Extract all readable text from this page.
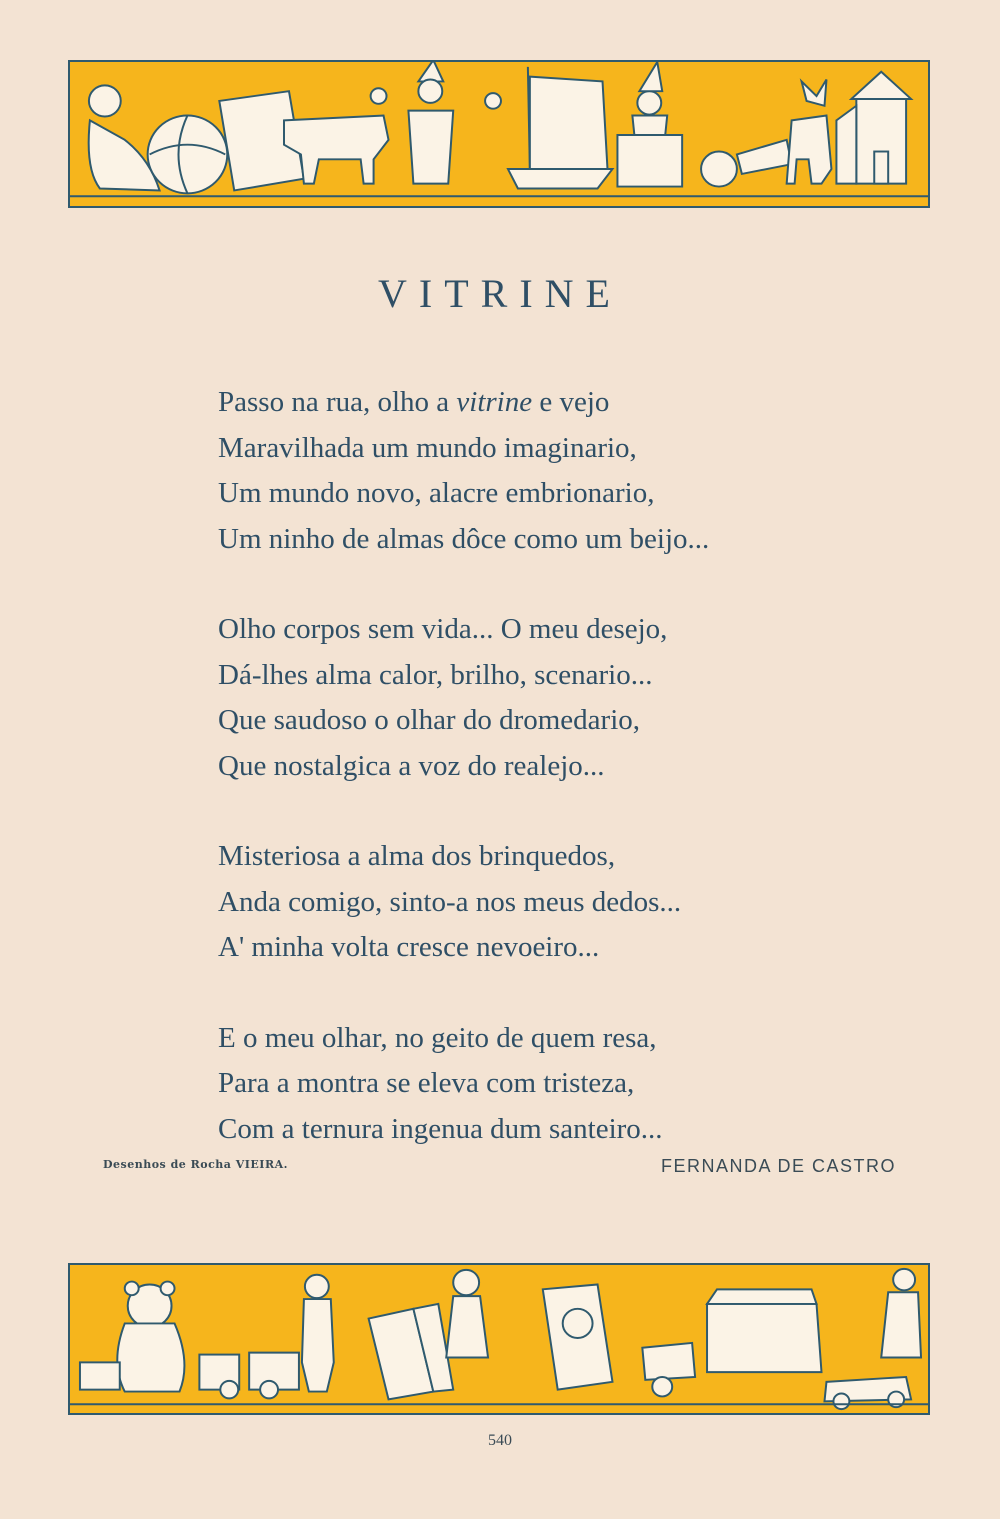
VITRINE
Passo na rua, olho a vitrine e vejo
Maravilhada um mundo imaginario,
Um mundo novo, alacre embrionario,
Um ninho de almas dôce como um beijo...
Olho corpos sem vida... O meu desejo,
Dá-lhes alma calor, brilho, scenario...
Que saudoso o olhar do dromedario,
Que nostalgica a voz do realejo...
Misteriosa a alma dos brinquedos,
Anda comigo, sinto-a nos meus dedos...
A' minha volta cresce nevoeiro...
E o meu olhar, no geito de quem resa,
Para a montra se eleva com tristeza,
Com a ternura ingenua dum santeiro...
Desenhos de Rocha VIEIRA.	FERNANDA DE CASTRO
540
